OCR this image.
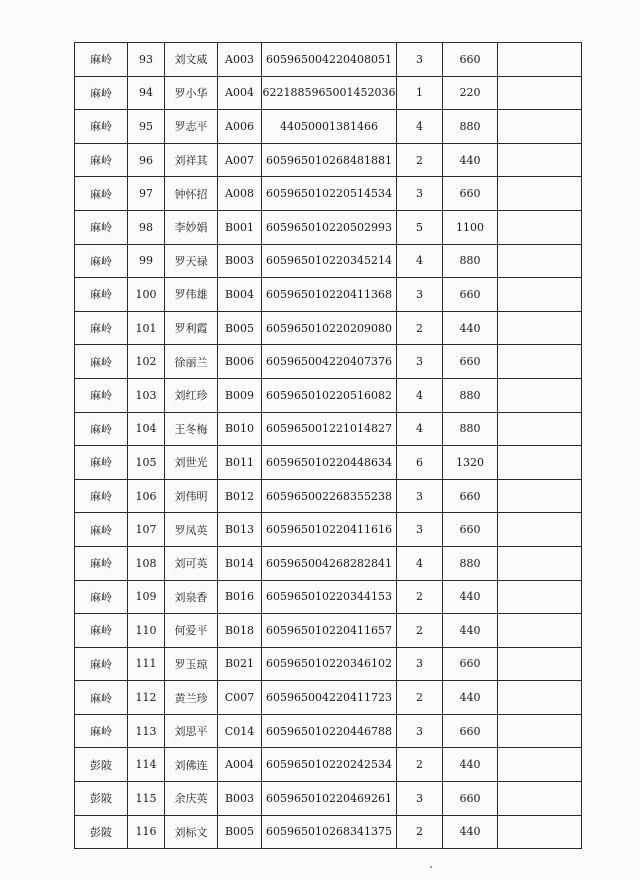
麻岭	93	刘文威	A003	605965004220408051	3	660	
麻岭	94	罗小华	A004	6221885965001452036	1	220	
麻岭	95	罗志平	A006	44050001381466	4	880	
麻岭	96	刘祥其	A007	605965010268481881	2	440	
麻岭	97	钟怀招	A008	605965010220514534	3	660	
麻岭	98	李妙娟	B001	605965010220502993	5	1100	
麻岭	99	罗天禄	B003	605965010220345214	4	880	
麻岭	100	罗伟雄	B004	605965010220411368	3	660	
麻岭	101	罗利霞	B005	605965010220209080	2	440	
麻岭	102	徐丽兰	B006	605965004220407376	3	660	
麻岭	103	刘红珍	B009	605965010220516082	4	880	
麻岭	104	王冬梅	B010	605965001221014827	4	880	
麻岭	105	刘世光	B011	605965010220448634	6	1320	
麻岭	106	刘伟明	B012	605965002268355238	3	660	
麻岭	107	罗凤英	B013	605965010220411616	3	660	
麻岭	108	刘可英	B014	605965004268282841	4	880	
麻岭	109	刘泉香	B016	605965010220344153	2	440	
麻岭	110	何爱平	B018	605965010220411657	2	440	
麻岭	111	罗玉琼	B021	605965010220346102	3	660	
麻岭	112	黄兰珍	C007	605965004220411723	2	440	
麻岭	113	刘思平	C014	605965010220446788	3	660	
彭陂	114	刘佛连	A004	605965010220242534	2	440	
彭陂	115	余庆英	B003	605965010220469261	3	660	
彭陂	116	刘标文	B005	605965010268341375	2	440	
